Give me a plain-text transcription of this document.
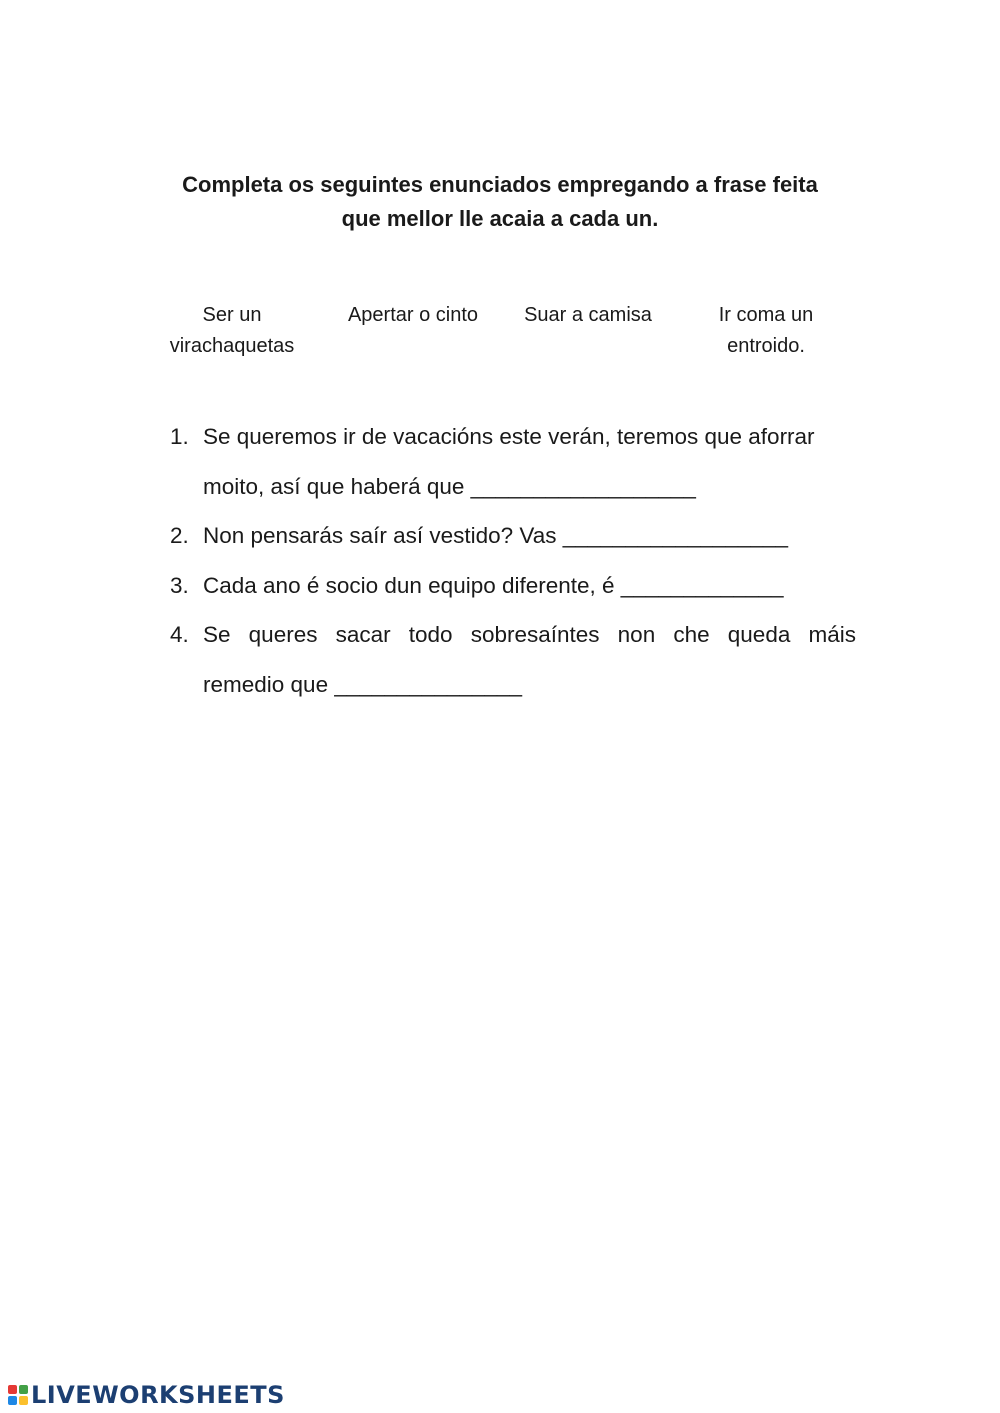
Completa os seguintes enunciados empregando a frase feita
que mellor lle acaia a cada un.
Ser un
virachaquetas
Apertar o cinto	Suar a camisa	Ir coma un
entroido.
1. Se queremos ir de vacacións este verán, teremos que aforrar
moito, así que haberá que __________________
2. Non pensarás saír así vestido? Vas __________________
3. Cada ano é socio dun equipo diferente, é _____________
4. Se queres sacar todo sobresaíntes non che queda máis
remedio que _______________
LIVEWORKSHEETS
